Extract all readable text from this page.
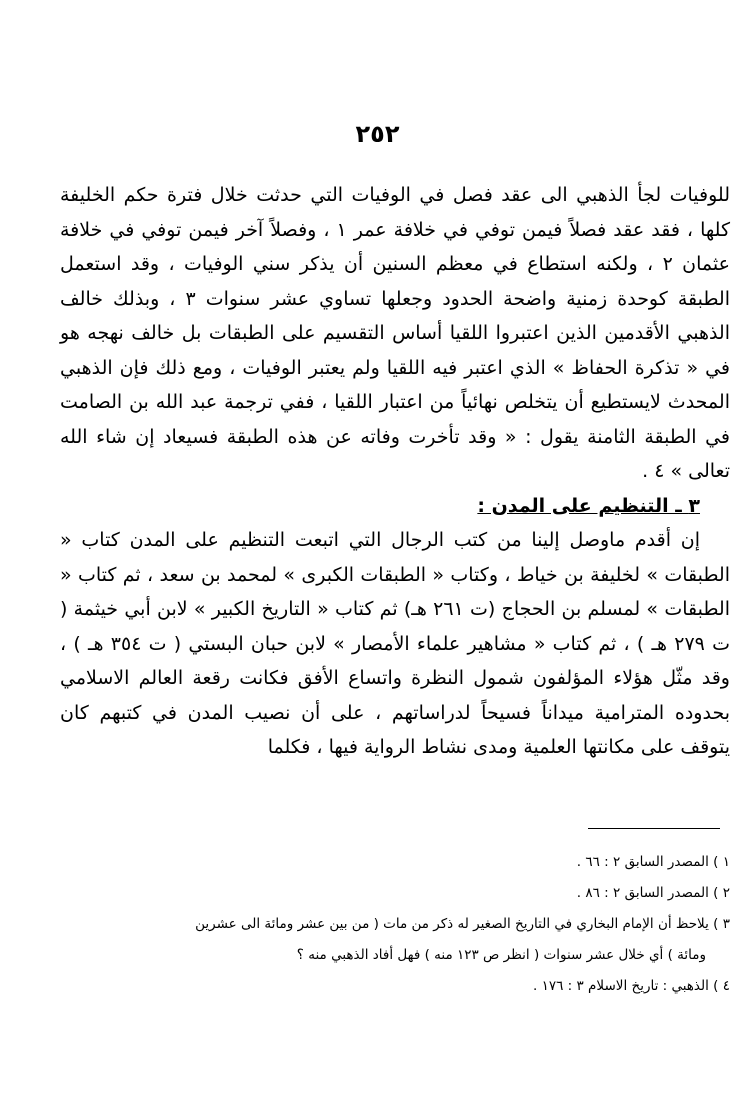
٢٥٢

للوفيات لجأ الذهبي الى عقد فصل في الوفيات التي حدثت خلال فترة حكم الخليفة كلها ، فقد عقد فصلاً فيمن توفي في خلافة عمر ١ ، وفصلاً آخر فيمن توفي في خلافة عثمان ٢ ، ولكنه استطاع في معظم السنين أن يذكر سني الوفيات ، وقد استعمل الطبقة كوحدة زمنية واضحة الحدود وجعلها تساوي عشر سنوات ٣ ، وبذلك خالف الذهبي الأقدمين الذين اعتبروا اللقيا أساس التقسيم على الطبقات بل خالف نهجه هو في « تذكرة الحفاظ » الذي اعتبر فيه اللقيا ولم يعتبر الوفيات ، ومع ذلك فإن الذهبي المحدث لايستطيع أن يتخلص نهائياً من اعتبار اللقيا ، ففي ترجمة عبد الله بن الصامت في الطبقة الثامنة يقول : « وقد تأخرت وفاته عن هذه الطبقة فسيعاد إن شاء الله تعالى » ٤ .

٣ ـ التنظيم على المدن :

إن أقدم ماوصل إلينا من كتب الرجال التي اتبعت التنظيم على المدن كتاب « الطبقات » لخليفة بن خياط ، وكتاب « الطبقات الكبرى » لمحمد بن سعد ، ثم كتاب « الطبقات » لمسلم بن الحجاج (ت ٢٦١ هـ) ثم كتاب « التاريخ الكبير » لابن أبي خيثمة ( ت ٢٧٩ هـ ) ، ثم كتاب « مشاهير علماء الأمصار » لابن حبان البستي ( ت ٣٥٤ هـ ) ، وقد مثّل هؤلاء المؤلفون شمول النظرة واتساع الأفق فكانت رقعة العالم الاسلامي بحدوده المترامية ميداناً فسيحاً لدراساتهم ، على أن نصيب المدن في كتبهم كان يتوقف على مكانتها العلمية ومدى نشاط الرواية فيها ، فكلما

١ ) المصدر السابق ٢ : ٦٦ .

٢ ) المصدر السابق ٢ : ٨٦ .

٣ ) يلاحظ أن الإمام البخاري في التاريخ الصغير له ذكر من مات ( من بين عشر ومائة الى عشرين

ومائة ) أي خلال عشر سنوات ( انظر ص ١٢٣ منه ) فهل أفاد الذهبي منه ؟

٤ ) الذهبي : تاريخ الاسلام ٣ : ١٧٦ .
